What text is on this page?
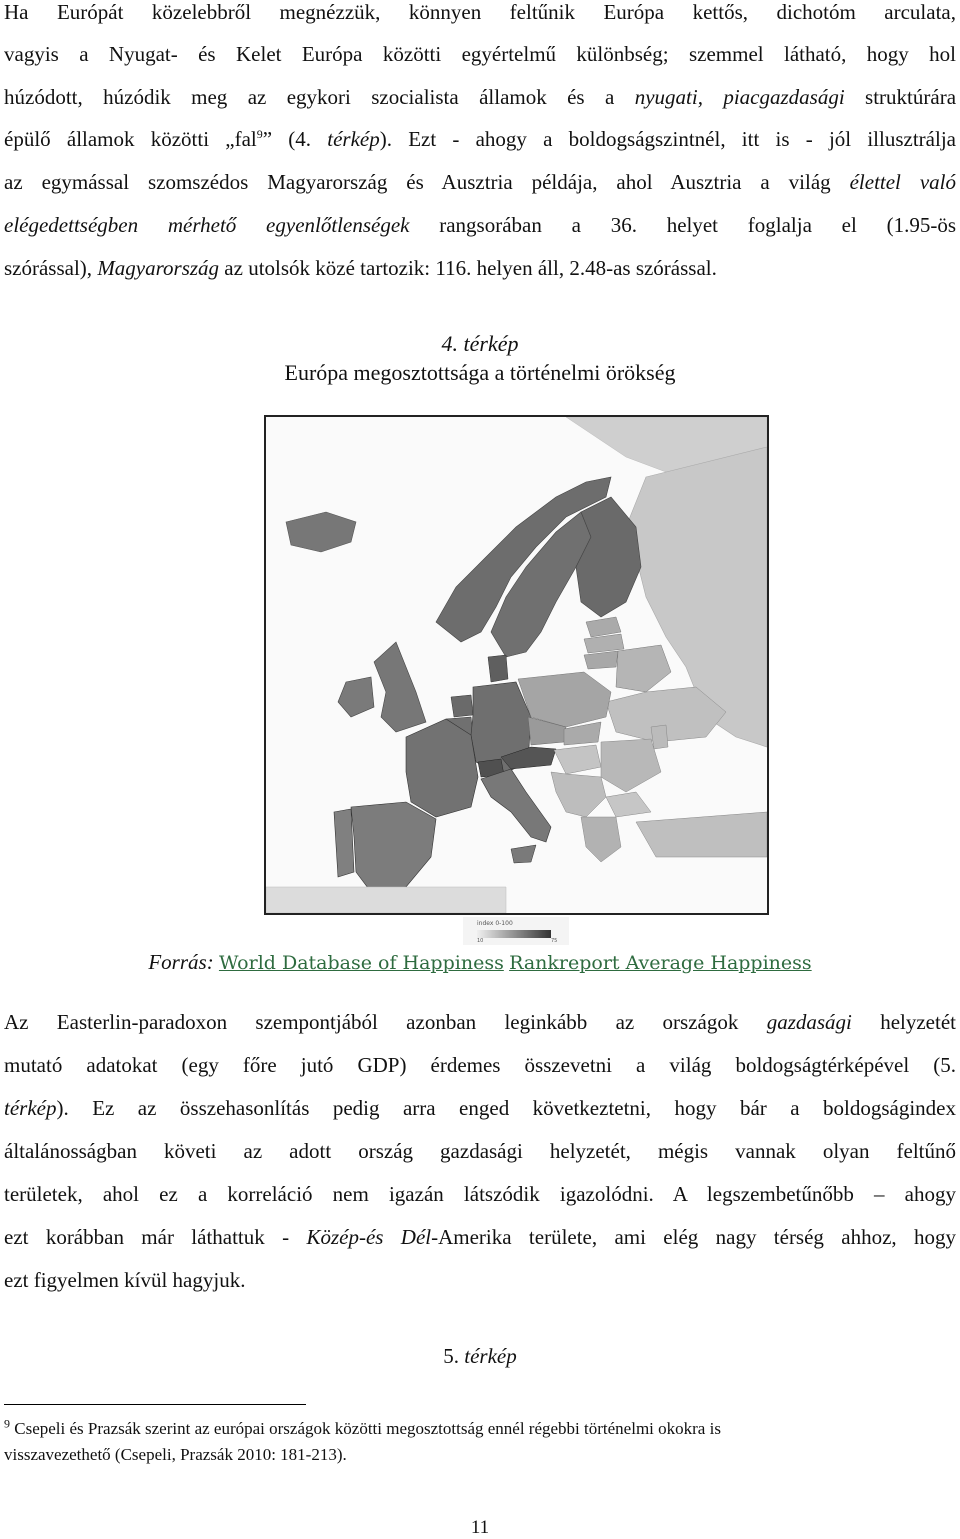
Ha Európát közelebbről megnézzük, könnyen feltűnik Európa kettős, dichotóm arculata,
vagyis a Nyugat- és Kelet Európa közötti egyértelmű különbség; szemmel látható, hogy hol
húzódott, húzódik meg az egykori szocialista államok és a nyugati, piacgazdasági struktúrára
épülő államok közötti „fal$^9$” (4. térkép). Ezt - ahogy a boldogságszintnél, itt is - jól illusztrálja
az egymással szomszédos Magyarország és Ausztria példája, ahol Ausztria a világ élettel való
elégedettségben mérhető egyenlőtlenségek rangsorában a 36. helyet foglalja el (1.95-ös
szórással), Magyarország az utolsók közé tartozik: 116. helyen áll, 2.48-as szórással.
4. térkép
Európa megosztottsága a történelmi örökség
index 0-100
10	75
Forrás: World Database of Happiness Rankreport Average Happiness
Az Easterlin-paradoxon szempontjából azonban leginkább az országok gazdasági helyzetét
mutató adatokat (egy főre jutó GDP) érdemes összevetni a világ boldogságtérképével (5.
térkép). Ez az összehasonlítás pedig arra enged következtetni, hogy bár a boldogságindex
általánosságban követi az adott ország gazdasági helyzetét, mégis vannak olyan feltűnő
területek, ahol ez a korreláció nem igazán látszódik igazolódni. A legszembetűnőbb – ahogy
ezt korábban már láthattuk - Közép-és Dél-Amerika területe, ami elég nagy térség ahhoz, hogy
ezt figyelmen kívül hagyjuk.
5. térkép
$^9$ Csepeli és Prazsák szerint az európai országok közötti megosztottság ennél régebbi történelmi okokra is
visszavezethető (Csepeli, Prazsák 2010: 181-213).
11
